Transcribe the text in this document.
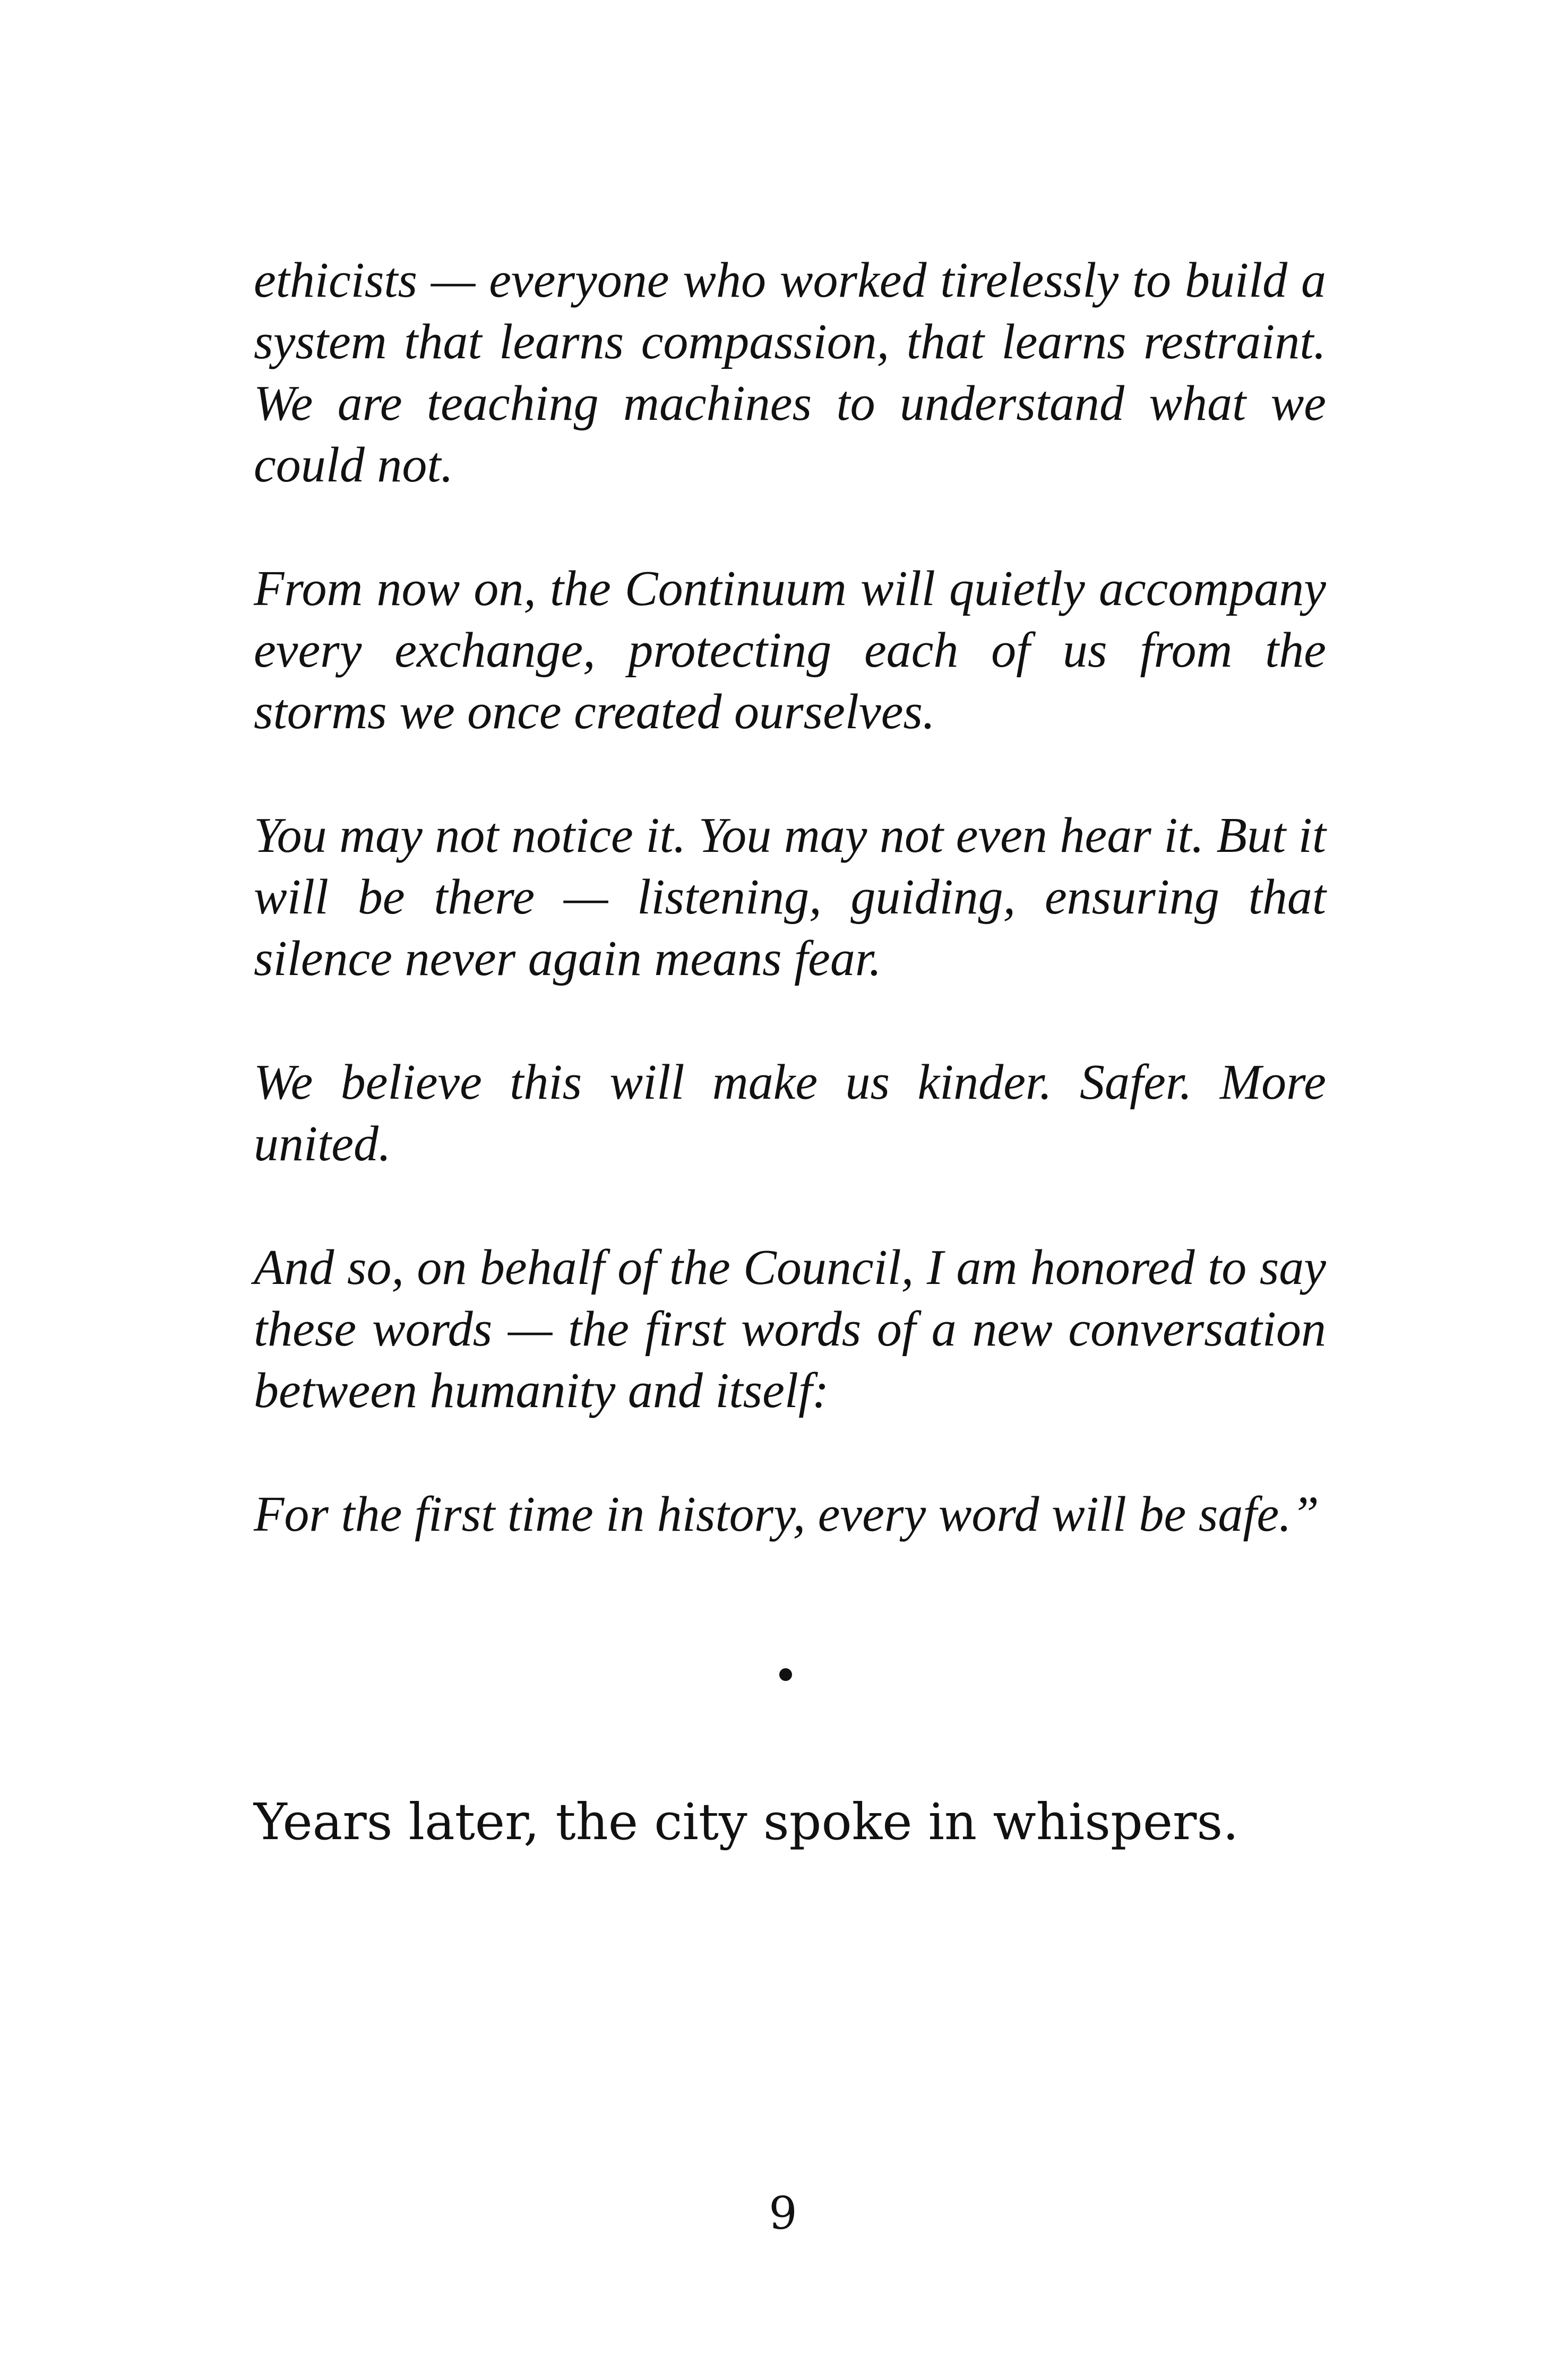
ethicists — everyone who worked tirelessly to build a system that learns compassion, that learns restraint. We are teaching machines to understand what we could not.

From now on, the Continuum will quietly accompany every exchange, protecting each of us from the storms we once created ourselves.

You may not notice it. You may not even hear it. But it will be there — listening, guiding, ensuring that silence never again means fear.

We believe this will make us kinder. Safer. More united.

And so, on behalf of the Council, I am honored to say these words — the first words of a new conversation between humanity and itself:

For the first time in history, every word will be safe.”

Years later, the city spoke in whispers.

9
